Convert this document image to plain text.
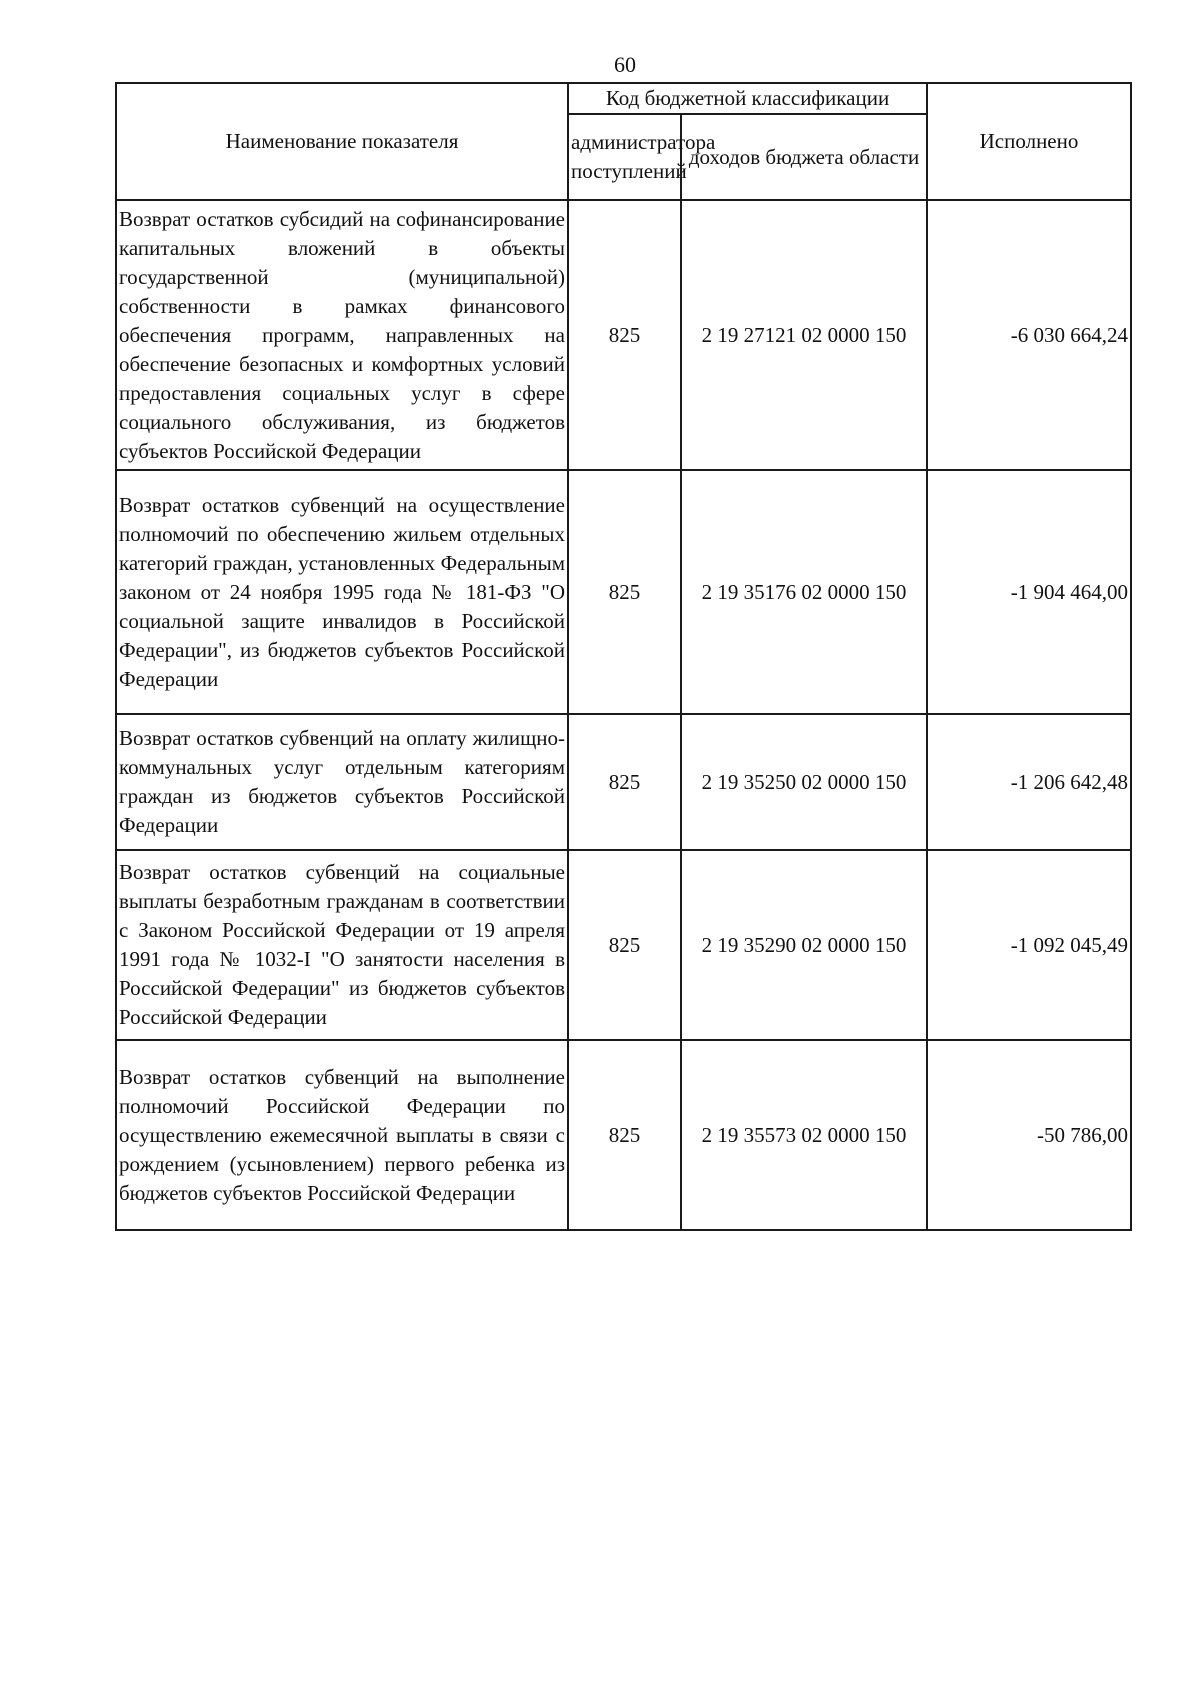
60
Наименование показателя	Код бюджетной классификации		Исполнено
	администратора поступлений	доходов бюджета области	
Возврат остатков субсидий на софинансирование капитальных вложений в объекты государственной (муниципальной) собственности в рамках финансового обеспечения программ, направленных на обеспечение безопасных и комфортных условий предоставления социальных услуг в сфере социального обслуживания, из бюджетов субъектов Российской Федерации	825	2 19 27121 02 0000 150	-6 030 664,24
Возврат остатков субвенций на осуществление полномочий по обеспечению жильем отдельных категорий граждан, установленных Федеральным законом от 24 ноября 1995 года № 181-ФЗ "О социальной защите инвалидов в Российской Федерации", из бюджетов субъектов Российской Федерации	825	2 19 35176 02 0000 150	-1 904 464,00
Возврат остатков субвенций на оплату жилищно-коммунальных услуг отдельным категориям граждан из бюджетов субъектов Российской Федерации	825	2 19 35250 02 0000 150	-1 206 642,48
Возврат остатков субвенций на социальные выплаты безработным гражданам в соответствии с Законом Российской Федерации от 19 апреля 1991 года № 1032-I "О занятости населения в Российской Федерации" из бюджетов субъектов Российской Федерации	825	2 19 35290 02 0000 150	-1 092 045,49
Возврат остатков субвенций на выполнение полномочий Российской Федерации по осуществлению ежемесячной выплаты в связи с рождением (усыновлением) первого ребенка из бюджетов субъектов Российской Федерации	825	2 19 35573 02 0000 150	-50 786,00
